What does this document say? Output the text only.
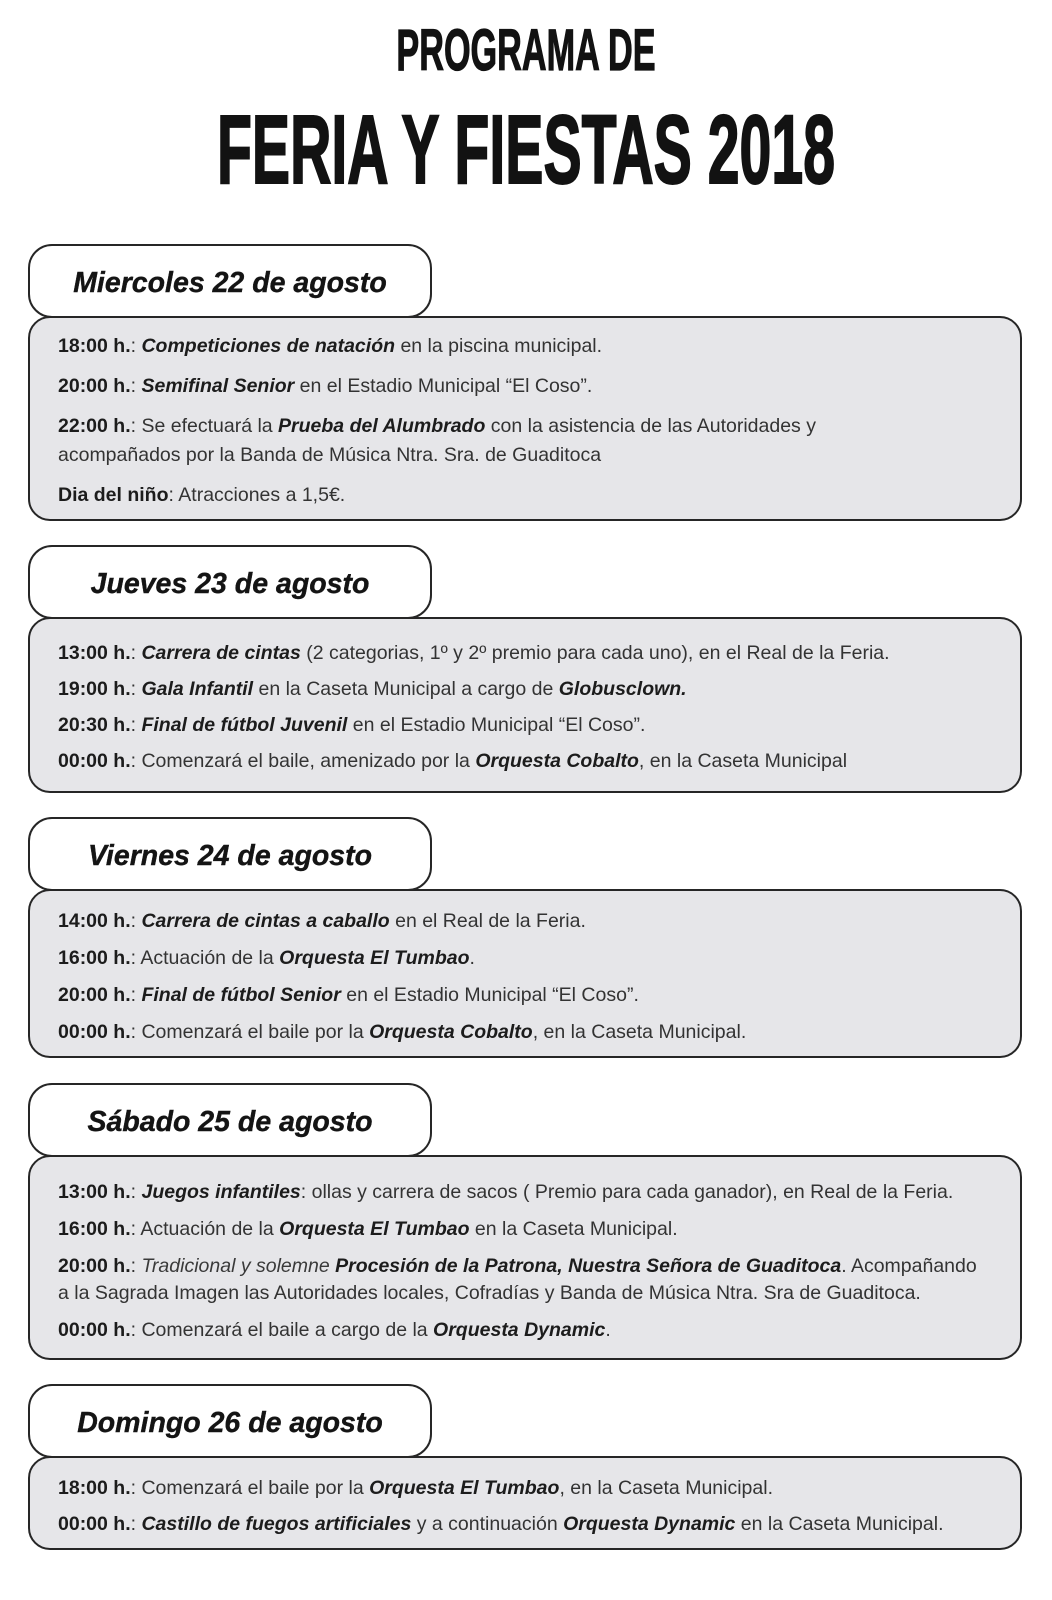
PROGRAMA DE
FERIA Y FIESTAS 2018
Miercoles 22 de agosto
18:00 h.: Competiciones de natación en la piscina municipal.
20:00 h.: Semifinal Senior en el Estadio Municipal “El Coso”.
22:00 h.: Se efectuará la Prueba del Alumbrado con la asistencia de las Autoridades y
acompañados por la Banda de Música Ntra. Sra. de Guaditoca
Dia del niño: Atracciones a 1,5€.
Jueves 23 de agosto
13:00 h.: Carrera de cintas (2 categorias, 1º y 2º premio para cada uno), en el Real de la Feria.
19:00 h.: Gala Infantil en la Caseta Municipal a cargo de Globusclown.
20:30 h.: Final de fútbol Juvenil en el Estadio Municipal “El Coso”.
00:00 h.: Comenzará el baile, amenizado por la Orquesta Cobalto, en la Caseta Municipal
Viernes 24 de agosto
14:00 h.: Carrera de cintas a caballo en el Real de la Feria.
16:00 h.: Actuación de la Orquesta El Tumbao.
20:00 h.: Final de fútbol Senior en el Estadio Municipal “El Coso”.
00:00 h.: Comenzará el baile por la Orquesta Cobalto, en la Caseta Municipal.
Sábado 25 de agosto
13:00 h.: Juegos infantiles: ollas y carrera de sacos ( Premio para cada ganador), en Real de la Feria.
16:00 h.: Actuación de la Orquesta El Tumbao en la Caseta Municipal.
20:00 h.: Tradicional y solemne Procesión de la Patrona, Nuestra Señora de Guaditoca. Acompañando
a la Sagrada Imagen las Autoridades locales, Cofradías y Banda de Música Ntra. Sra de Guaditoca.
00:00 h.: Comenzará el baile a cargo de la Orquesta Dynamic.
Domingo 26 de agosto
18:00 h.: Comenzará el baile por la Orquesta El Tumbao, en la Caseta Municipal.
00:00 h.: Castillo de fuegos artificiales y a continuación Orquesta Dynamic en la Caseta Municipal.
